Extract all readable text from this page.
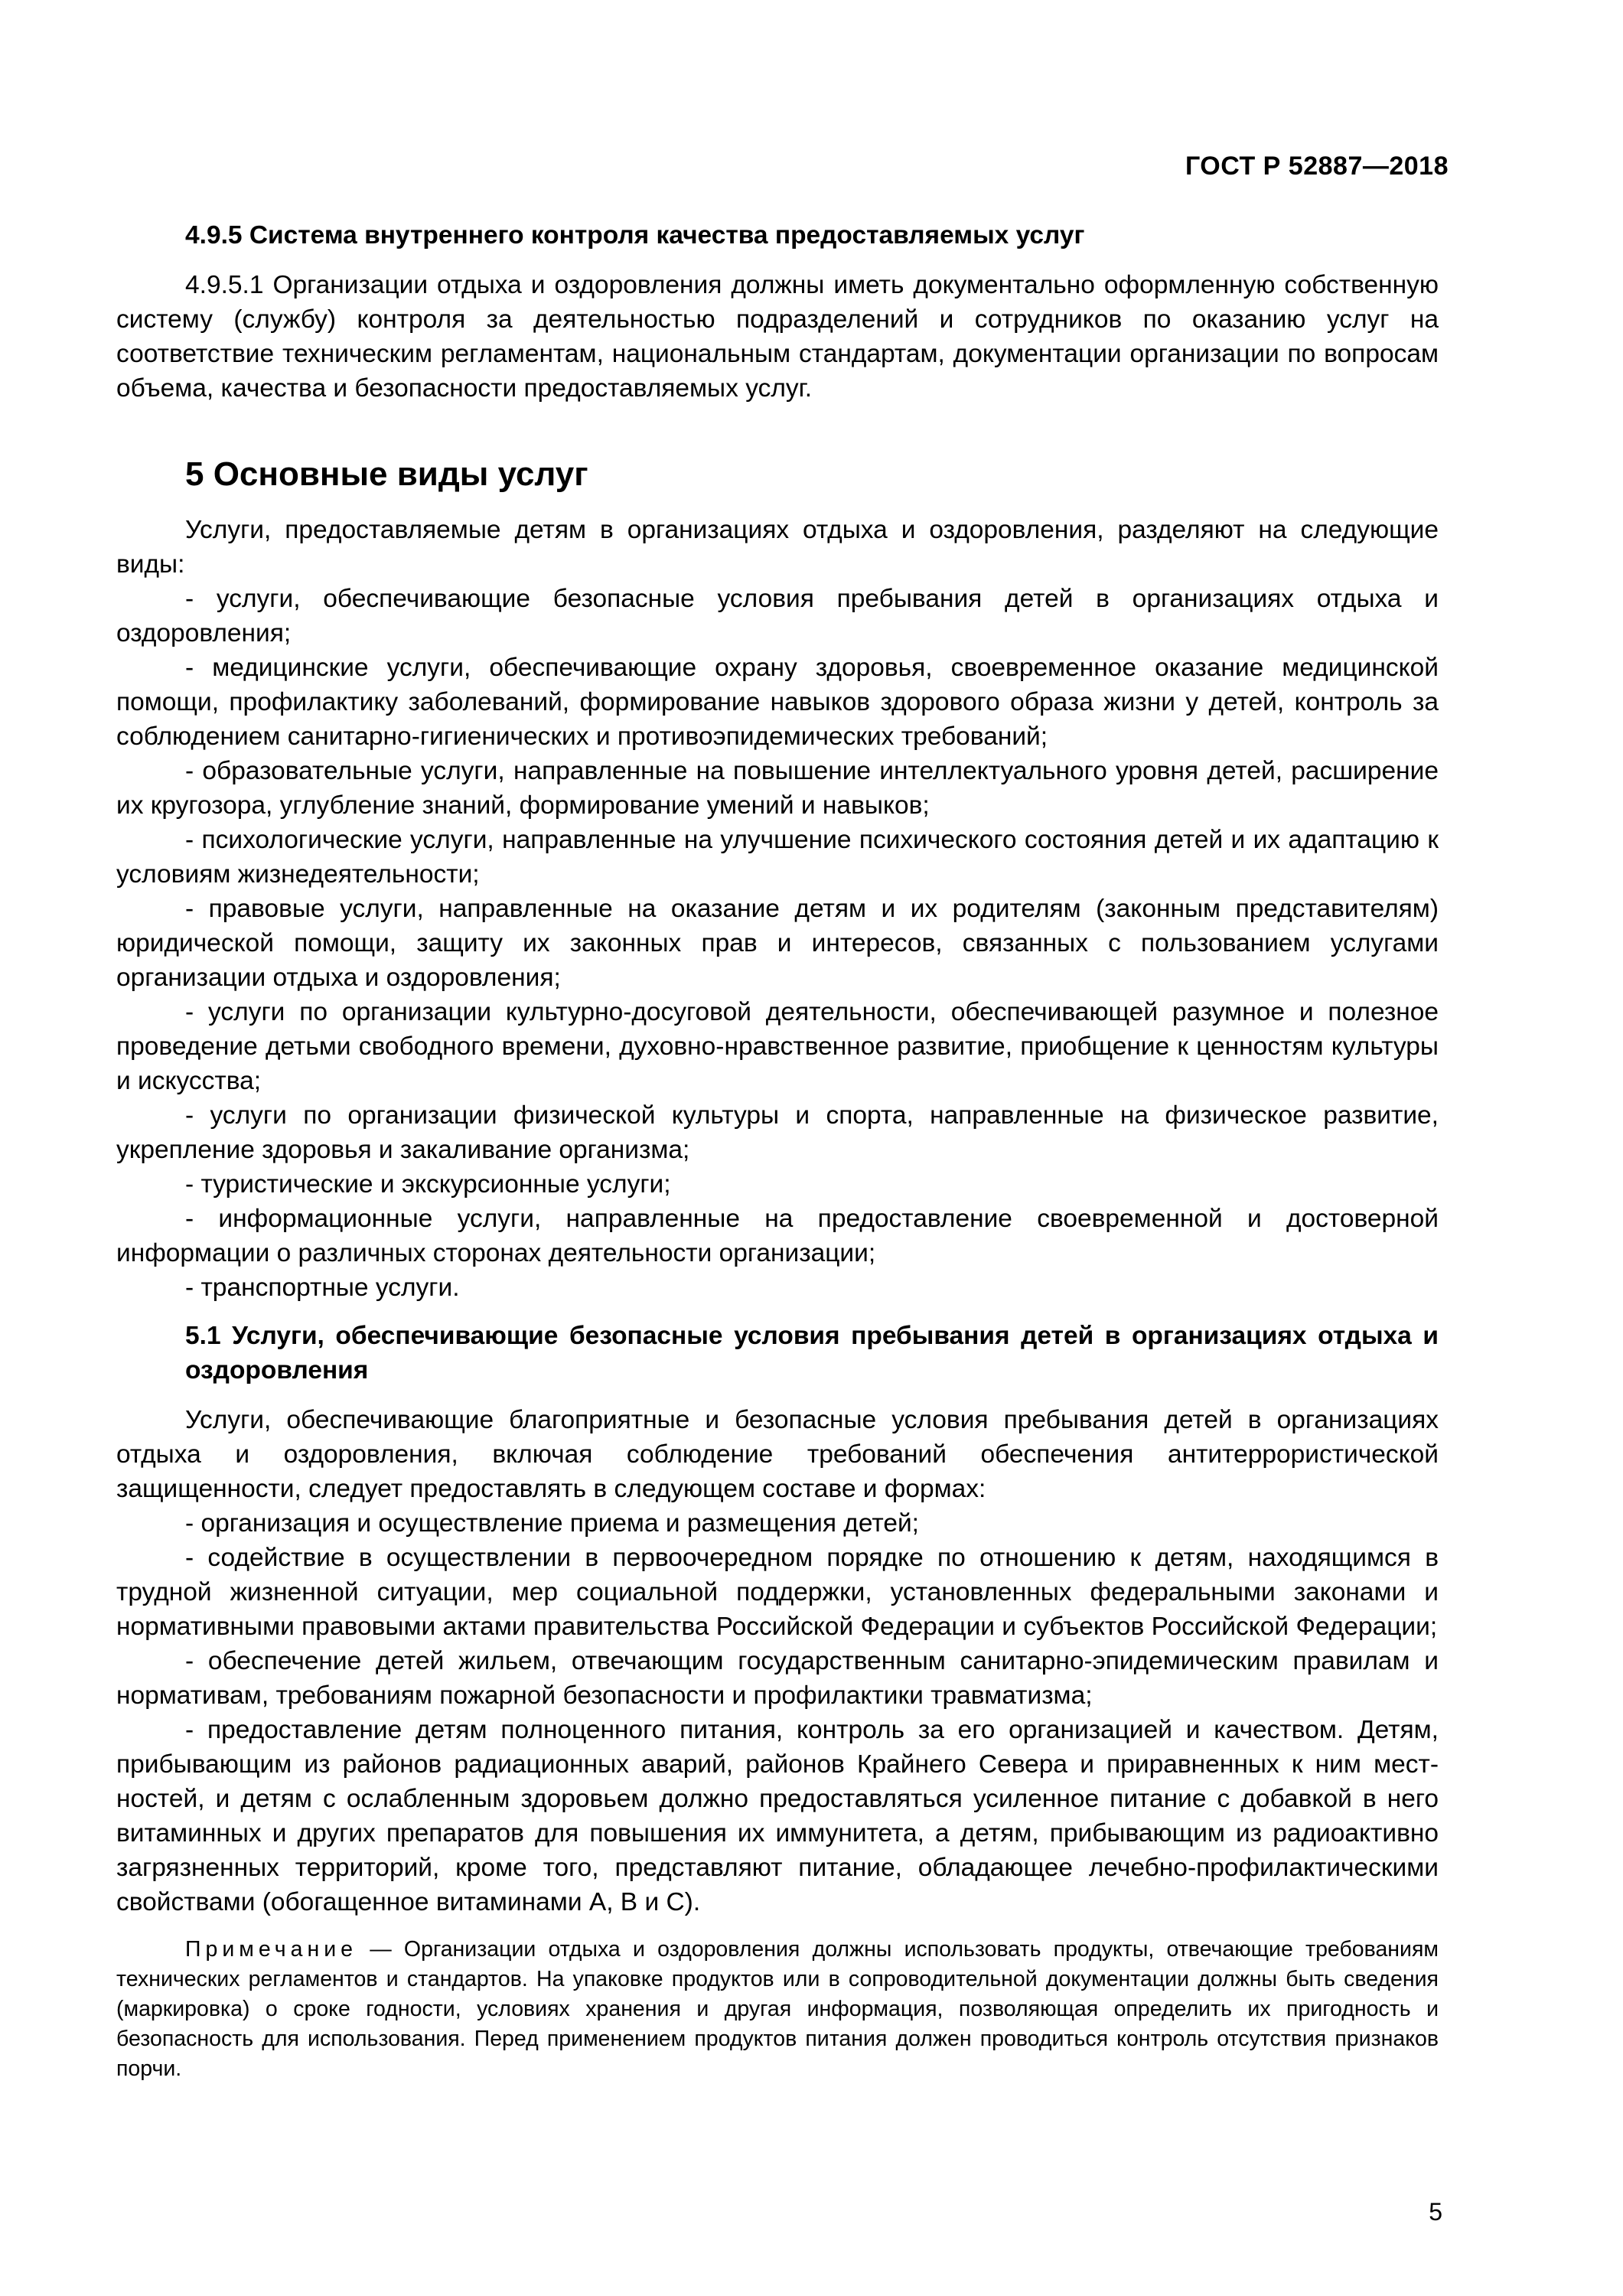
ГОСТ Р 52887—2018
4.9.5 Система внутреннего контроля качества предоставляемых услуг

4.9.5.1 Организации отдыха и оздоровления должны иметь документально оформленную собственную систему (службу) контроля за деятельностью подразделений и сотрудников по оказанию услуг на соответствие техническим регламентам, национальным стандартам, документации организации по вопросам объема, качества и безопасности предоставляемых услуг.

5 Основные виды услуг

Услуги, предоставляемые детям в организациях отдыха и оздоровления, разделяют на следующие виды:

- услуги, обеспечивающие безопасные условия пребывания детей в организациях отдыха и оздоровления;

- медицинские услуги, обеспечивающие охрану здоровья, своевременное оказание медицинской помощи, профилактику заболеваний, формирование навыков здорового образа жизни у детей, контроль за соблюдением санитарно-гигиенических и противоэпидемических требований;

- образовательные услуги, направленные на повышение интеллектуального уровня детей, расширение их кругозора, углубление знаний, формирование умений и навыков;

- психологические услуги, направленные на улучшение психического состояния детей и их адаптацию к условиям жизнедеятельности;

- правовые услуги, направленные на оказание детям и их родителям (законным представителям) юридической помощи, защиту их законных прав и интересов, связанных с пользованием услугами организации отдыха и оздоровления;

- услуги по организации культурно-досуговой деятельности, обеспечивающей разумное и полезное проведение детьми свободного времени, духовно-нравственное развитие, приобщение к ценностям культуры и искусства;

- услуги по организации физической культуры и спорта, направленные на физическое развитие, укрепление здоровья и закаливание организма;

- туристические и экскурсионные услуги;

- информационные услуги, направленные на предоставление своевременной и достоверной информации о различных сторонах деятельности организации;

- транспортные услуги.

5.1 Услуги, обеспечивающие безопасные условия пребывания детей в организациях отдыха и оздоровления

Услуги, обеспечивающие благоприятные и безопасные условия пребывания детей в организациях отдыха и оздоровления, включая соблюдение требований обеспечения антитеррористической защищенности, следует предоставлять в следующем составе и формах:

- организация и осуществление приема и размещения детей;

- содействие в осуществлении в первоочередном порядке по отношению к детям, находящимся в трудной жизненной ситуации, мер социальной поддержки, установленных федеральными законами и нормативными правовыми актами правительства Российской Федерации и субъектов Российской Федерации;

- обеспечение детей жильем, отвечающим государственным санитарно-эпидемическим правилам и нормативам, требованиям пожарной безопасности и профилактики травматизма;

- предоставление детям полноценного питания, контроль за его организацией и качеством. Детям, прибывающим из районов радиационных аварий, районов Крайнего Севера и приравненных к ним местностей, и детям с ослабленным здоровьем должно предоставляться усиленное питание с добавкой в него витаминных и других препаратов для повышения их иммунитета, а детям, прибывающим из радиоактивно загрязненных территорий, кроме того, представляют питание, обладающее лечебно-профилактическими свойствами (обогащенное витаминами А, В и С).

Примечание — Организации отдыха и оздоровления должны использовать продукты, отвечающие требованиям технических регламентов и стандартов. На упаковке продуктов или в сопроводительной документации должны быть сведения (маркировка) о сроке годности, условиях хранения и другая информация, позволяющая определить их пригодность и безопасность для использования. Перед применением продуктов питания должен проводиться контроль отсутствия признаков порчи.
5
